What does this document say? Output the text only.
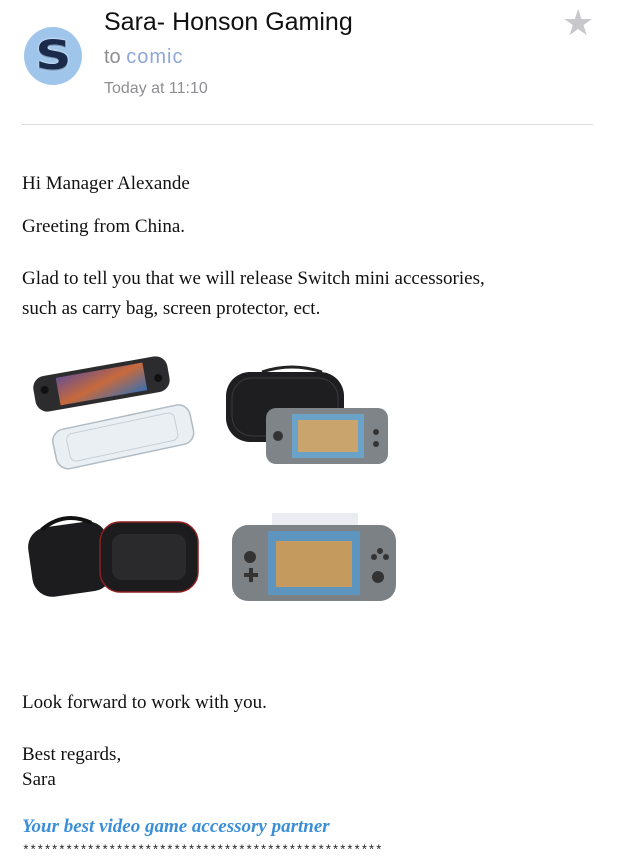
S
Sara- Honson Gaming
to comic
Today at 11:10
★
Hi Manager Alexande
Greeting from China.
Glad to tell you that we will release Switch mini accessories,
such as carry bag, screen protector, ect.
Look forward to work with you.
Best regards,
Sara
Your best video game accessory partner
**************************************************
